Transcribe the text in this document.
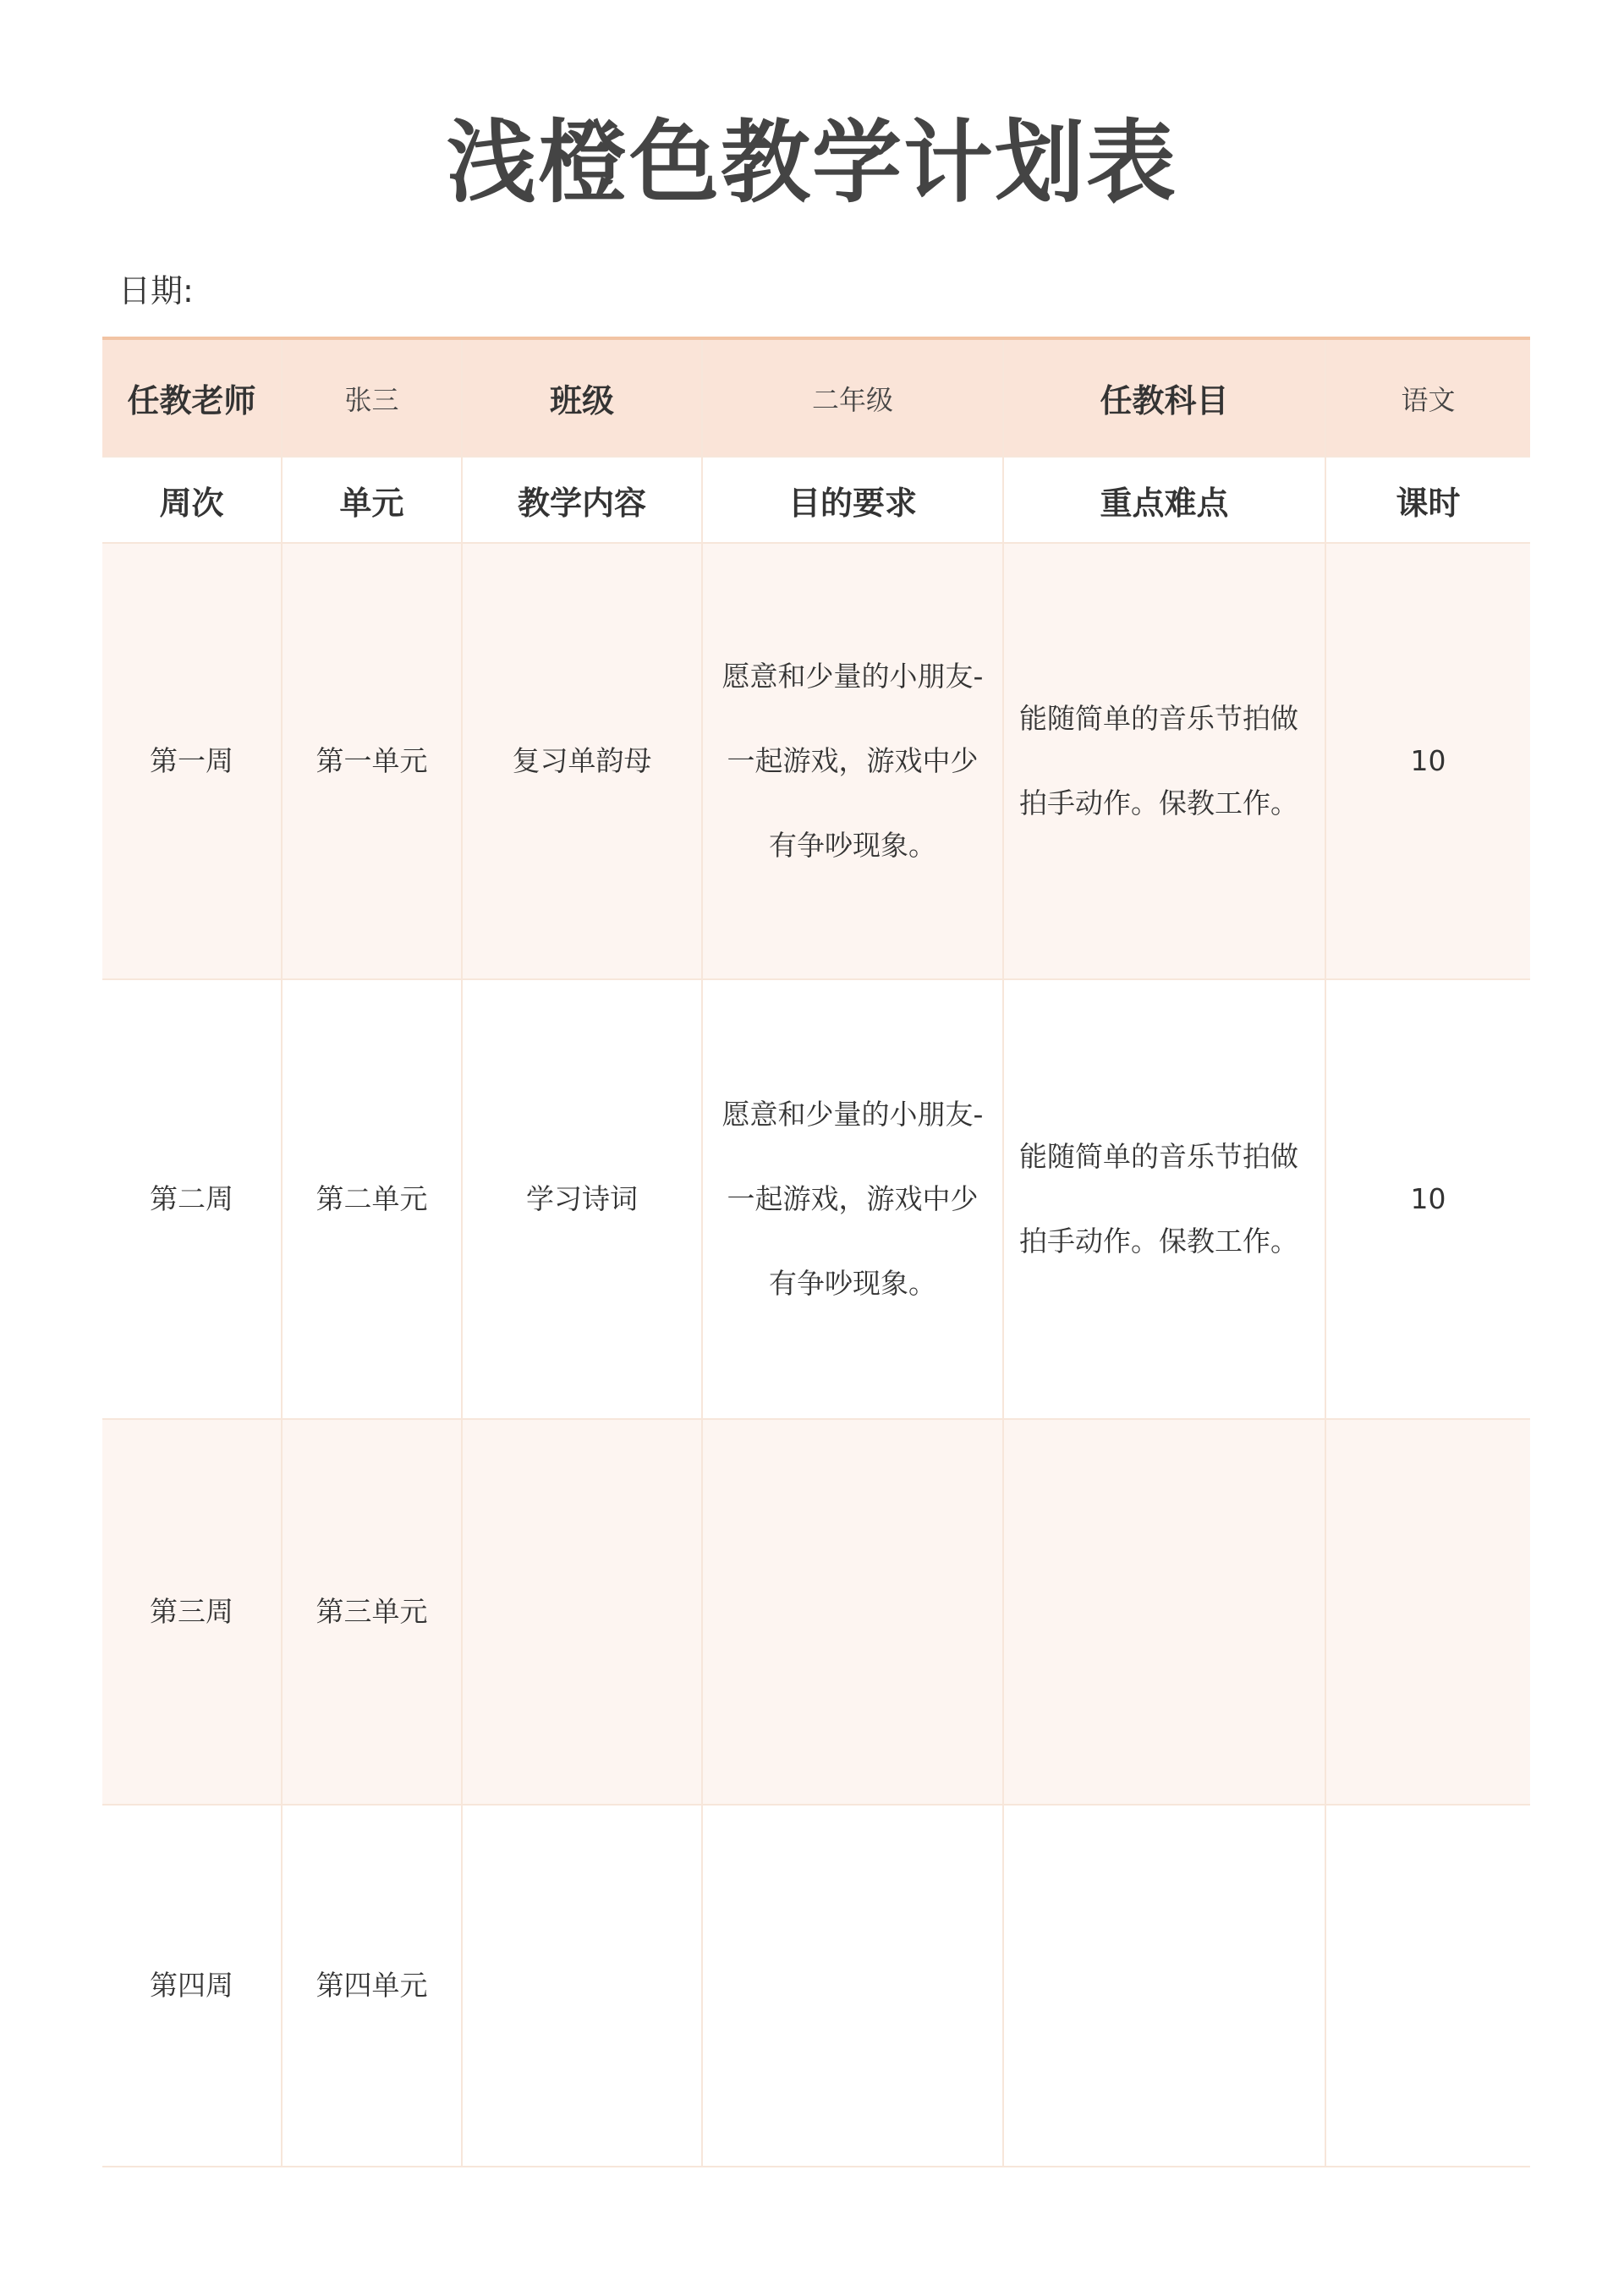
浅橙色教学计划表
日期:
任教老师	张三	班级	二年级	任教科目	语文
周次	单元	教学内容	目的要求	重点难点	课时
第一周	第一单元	复习单韵母	愿意和少量的小朋友-一起游戏，游戏中少有争吵现象。	能随简单的音乐节拍做拍手动作。保教工作。	10
第二周	第二单元	学习诗词	愿意和少量的小朋友-一起游戏，游戏中少有争吵现象。	能随简单的音乐节拍做拍手动作。保教工作。	10
第三周	第三单元				
第四周	第四单元				
